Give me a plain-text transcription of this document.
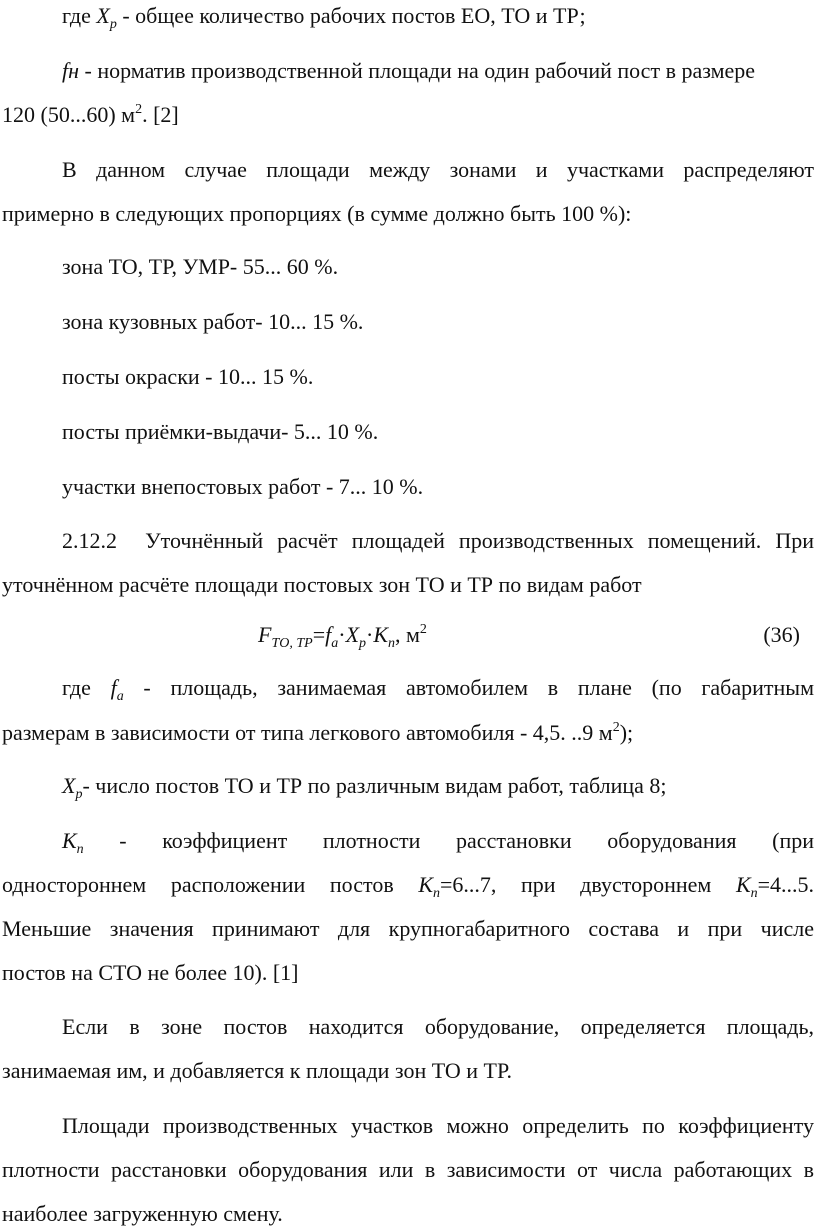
где $X_p$ - общее количество рабочих постов ЕО, ТО и ТР;
fн - норматив производственной площади на один рабочий пост в размере
120 (50...60) $м^2$. [2]
В данном случае площади между зонами и участками распределяют
примерно в следующих пропорциях (в сумме должно быть 100 %):
зона ТО, ТР, УМР- 55... 60 %.
зона кузовных работ- 10... 15 %.
посты окраски - 10... 15 %.
посты приёмки-выдачи- 5... 10 %.
участки внепостовых работ - 7... 10 %.
2.12.2  Уточнённый расчёт площадей производственных помещений. При
уточнённом расчёте площади постовых зон ТО и ТР по видам работ
$F_{ТО, ТР}=f_a\cdot X_p\cdot К_n$, $м^2$	(36)
где $f_a$ - площадь, занимаемая автомобилем в плане (по габаритным
размерам в зависимости от типа легкового автомобиля - 4,5. ..9 $м^2$);
$X_p-$ число постов ТО и ТР по различным видам работ, таблица 8;
$К_n$ - коэффициент плотности расстановки оборудования (при
одностороннем расположении постов $К_n=6...7$, при двустороннем $К_n=4...5$.
Меньшие значения принимают для крупногабаритного состава и при числе
постов на СТО не более 10). [1]
Если в зоне постов находится оборудование, определяется площадь,
занимаемая им, и добавляется к площади зон ТО и ТР.
Площади производственных участков можно определить по коэффициенту
плотности расстановки оборудования или в зависимости от числа работающих в
наиболее загруженную смену.
